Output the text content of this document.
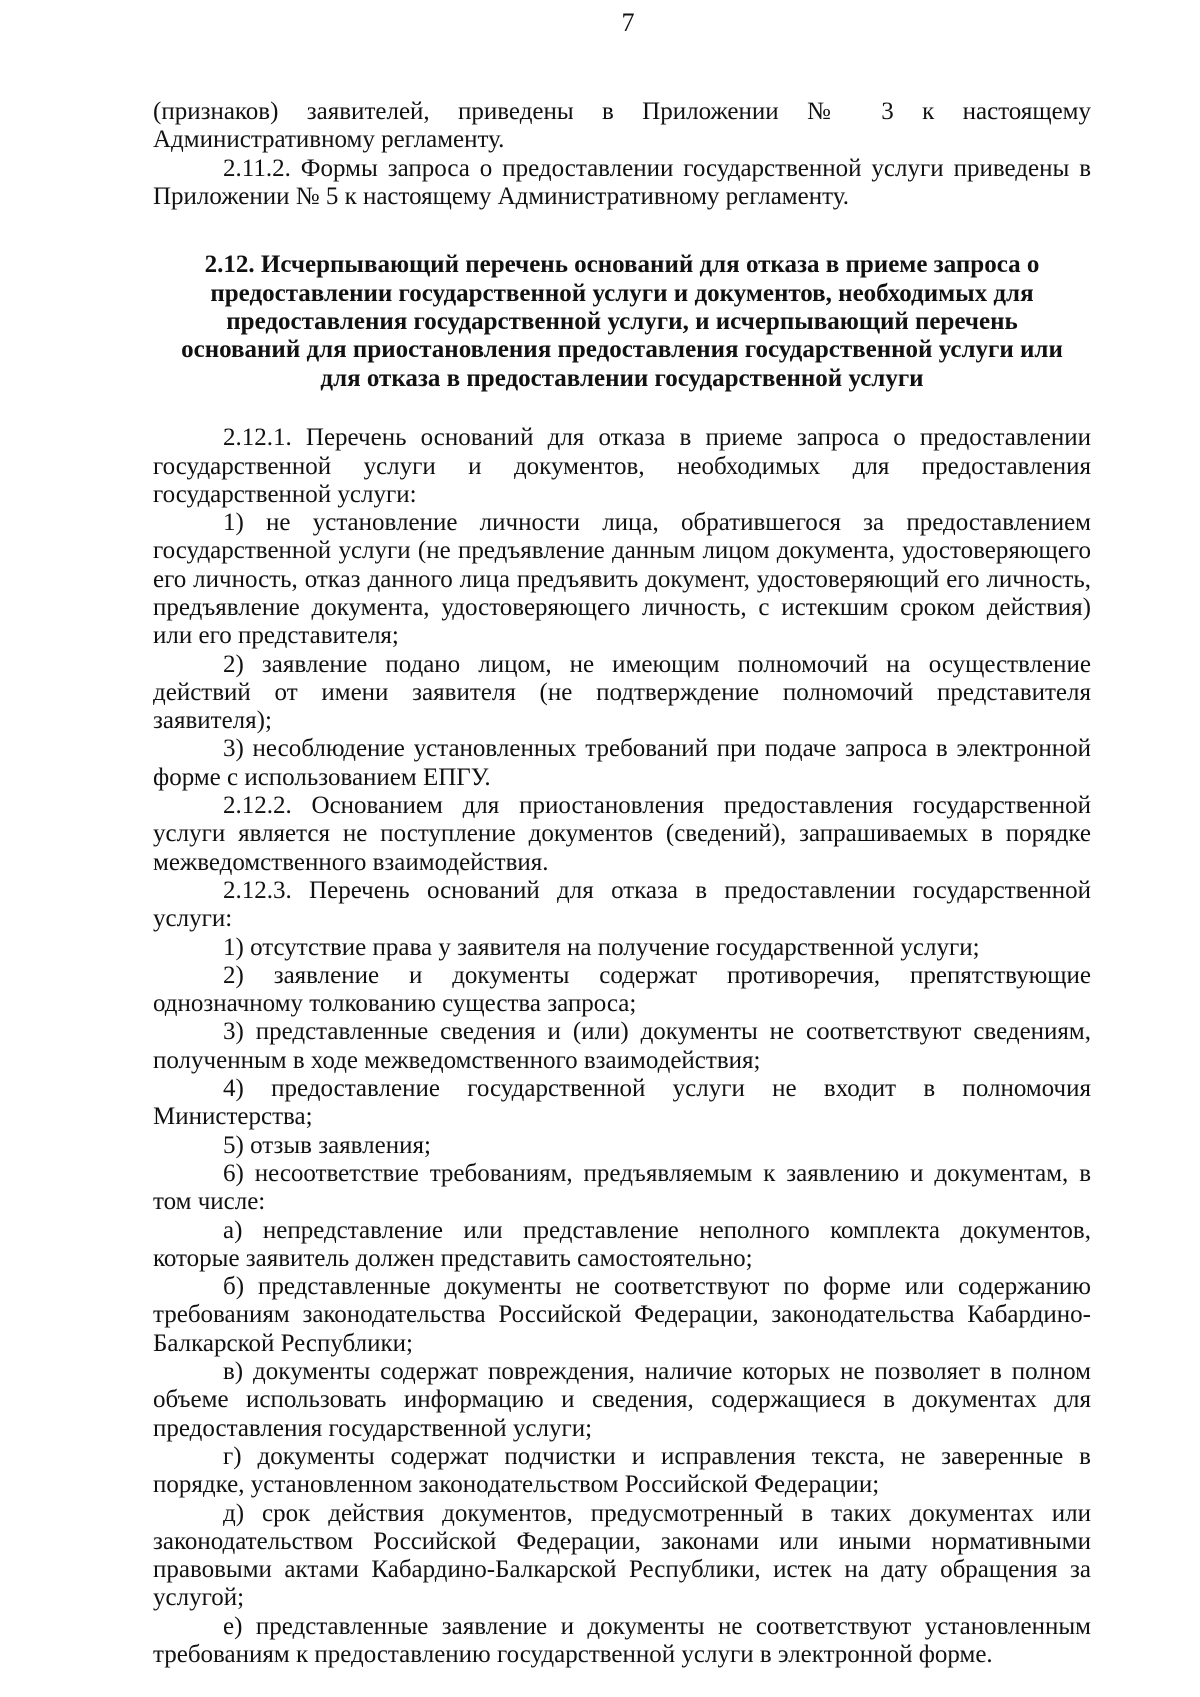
7

(признаков) заявителей, приведены в Приложении № 3 к настоящему Административному регламенту.

2.11.2. Формы запроса о предоставлении государственной услуги приведены в Приложении № 5 к настоящему Административному регламенту.

2.12. Исчерпывающий перечень оснований для отказа в приеме запроса о предоставлении государственной услуги и документов, необходимых для предоставления государственной услуги, и исчерпывающий перечень оснований для приостановления предоставления государственной услуги или для отказа в предоставлении государственной услуги

2.12.1. Перечень оснований для отказа в приеме запроса о предоставлении государственной услуги и документов, необходимых для предоставления государственной услуги:

1) не установление личности лица, обратившегося за предоставлением государственной услуги (не предъявление данным лицом документа, удостоверяющего его личность, отказ данного лица предъявить документ, удостоверяющий его личность, предъявление документа, удостоверяющего личность, с истекшим сроком действия) или его представителя;

2) заявление подано лицом, не имеющим полномочий на осуществление действий от имени заявителя (не подтверждение полномочий представителя заявителя);

3) несоблюдение установленных требований при подаче запроса в электронной форме с использованием ЕПГУ.

2.12.2. Основанием для приостановления предоставления государственной услуги является не поступление документов (сведений), запрашиваемых в порядке межведомственного взаимодействия.

2.12.3. Перечень оснований для отказа в предоставлении государственной услуги:

1) отсутствие права у заявителя на получение государственной услуги;

2) заявление и документы содержат противоречия, препятствующие однозначному толкованию существа запроса;

3) представленные сведения и (или) документы не соответствуют сведениям, полученным в ходе межведомственного взаимодействия;

4) предоставление государственной услуги не входит в полномочия Министерства;

5) отзыв заявления;

6) несоответствие требованиям, предъявляемым к заявлению и документам, в том числе:

а) непредставление или представление неполного комплекта документов, которые заявитель должен представить самостоятельно;

б) представленные документы не соответствуют по форме или содержанию требованиям законодательства Российской Федерации, законодательства Кабардино-Балкарской Республики;

в) документы содержат повреждения, наличие которых не позволяет в полном объеме использовать информацию и сведения, содержащиеся в документах для предоставления государственной услуги;

г) документы содержат подчистки и исправления текста, не заверенные в порядке, установленном законодательством Российской Федерации;

д) срок действия документов, предусмотренный в таких документах или законодательством Российской Федерации, законами или иными нормативными правовыми актами Кабардино-Балкарской Республики, истек на дату обращения за услугой;

е) представленные заявление и документы не соответствуют установленным требованиям к предоставлению государственной услуги в электронной форме.
